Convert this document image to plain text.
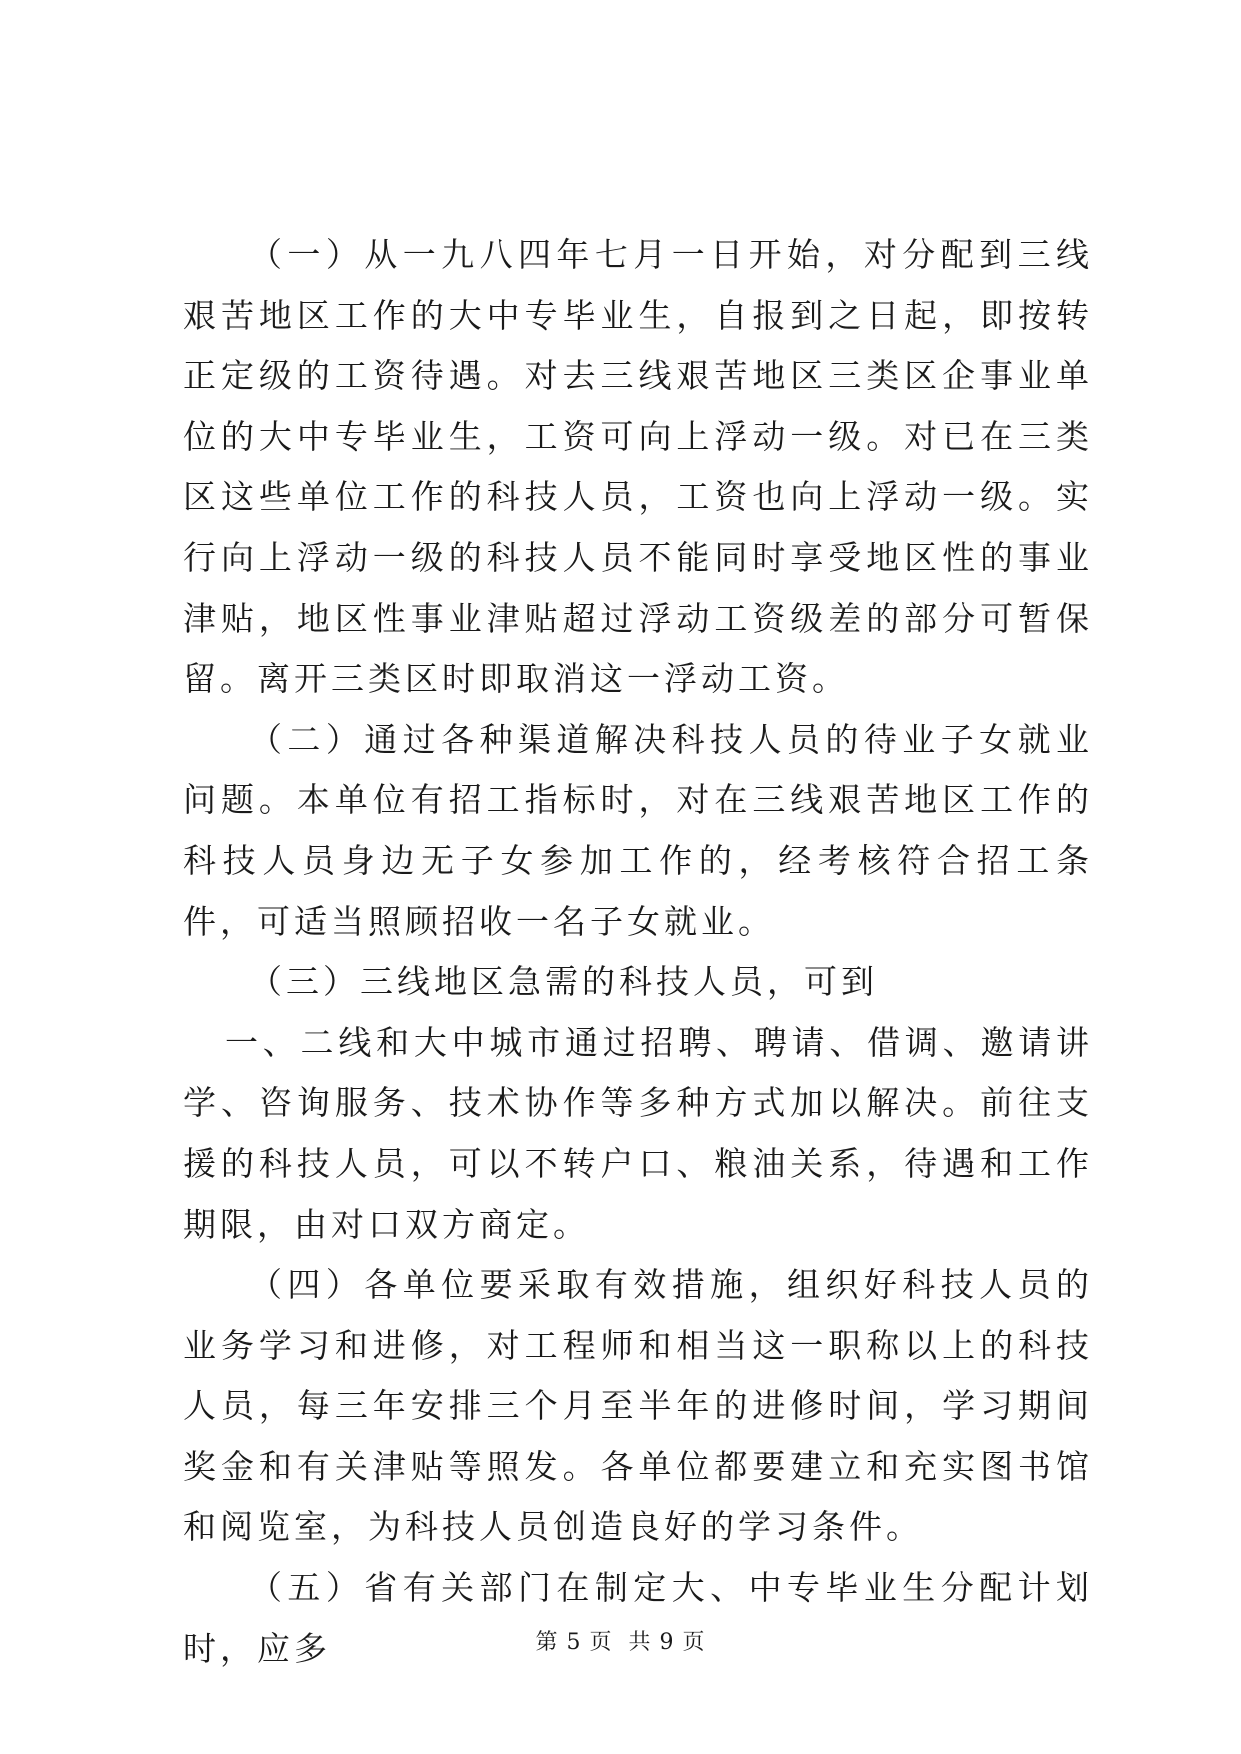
（一）从一九八四年七月一日开始，对分配到三线艰苦地区工作的大中专毕业生，自报到之日起，即按转正定级的工资待遇。对去三线艰苦地区三类区企事业单位的大中专毕业生，工资可向上浮动一级。对已在三类区这些单位工作的科技人员，工资也向上浮动一级。实行向上浮动一级的科技人员不能同时享受地区性的事业津贴，地区性事业津贴超过浮动工资级差的部分可暂保留。离开三类区时即取消这一浮动工资。

（二）通过各种渠道解决科技人员的待业子女就业问题。本单位有招工指标时，对在三线艰苦地区工作的科技人员身边无子女参加工作的，经考核符合招工条件，可适当照顾招收一名子女就业。

（三）三线地区急需的科技人员，可到

一、二线和大中城市通过招聘、聘请、借调、邀请讲学、咨询服务、技术协作等多种方式加以解决。前往支援的科技人员，可以不转户口、粮油关系，待遇和工作期限，由对口双方商定。

（四）各单位要采取有效措施，组织好科技人员的业务学习和进修，对工程师和相当这一职称以上的科技人员，每三年安排三个月至半年的进修时间，学习期间奖金和有关津贴等照发。各单位都要建立和充实图书馆和阅览室，为科技人员创造良好的学习条件。

（五）省有关部门在制定大、中专毕业生分配计划时，应多	第 5 页 共 9 页
